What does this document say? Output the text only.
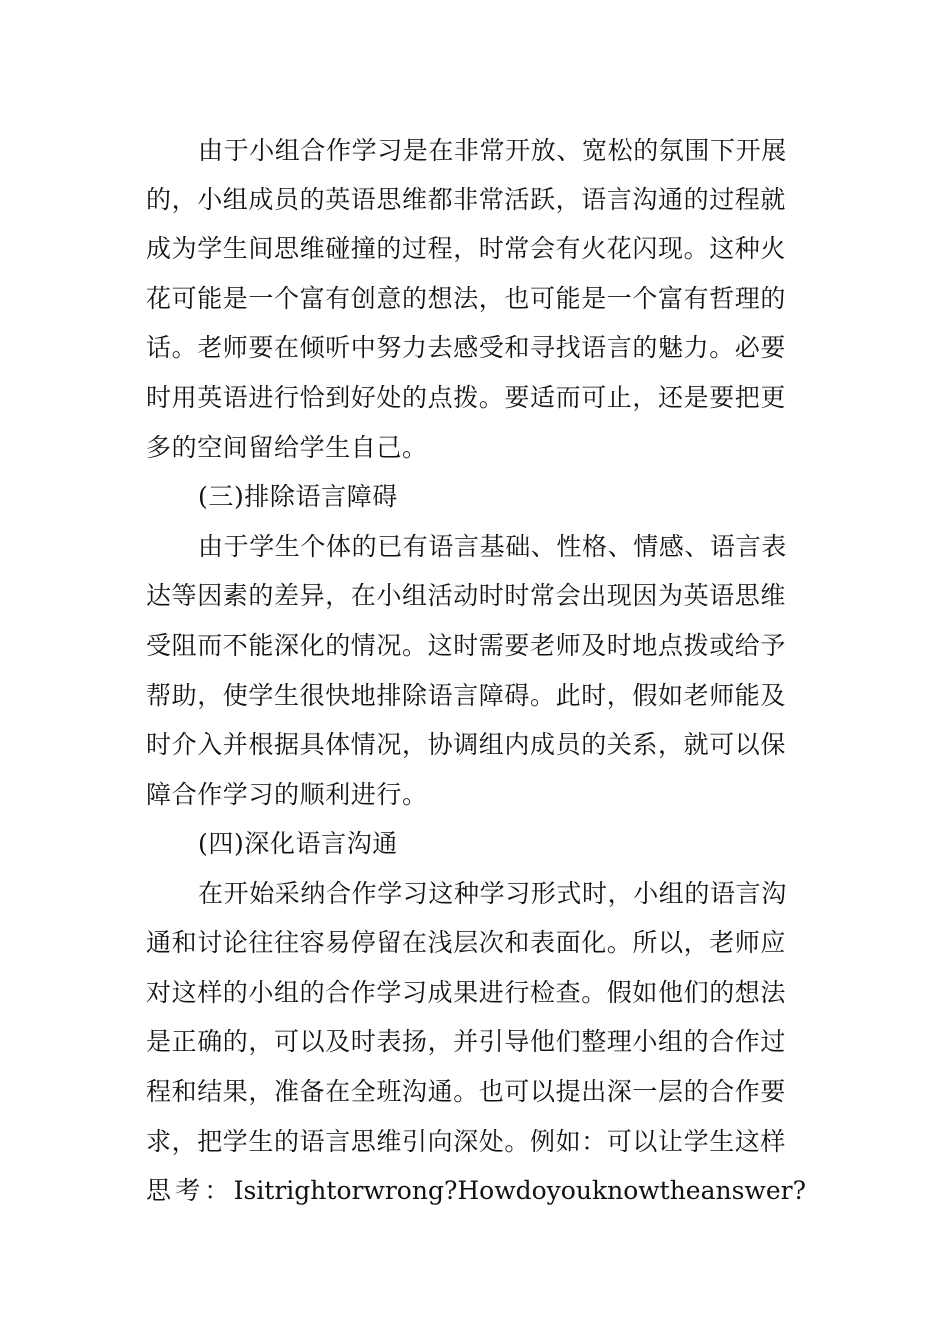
由于小组合作学习是在非常开放、宽松的氛围下开展
的，小组成员的英语思维都非常活跃，语言沟通的过程就
成为学生间思维碰撞的过程，时常会有火花闪现。这种火
花可能是一个富有创意的想法，也可能是一个富有哲理的
话。老师要在倾听中努力去感受和寻找语言的魅力。必要
时用英语进行恰到好处的点拨。要适而可止，还是要把更
多的空间留给学生自己。
(三)排除语言障碍
由于学生个体的已有语言基础、性格、情感、语言表
达等因素的差异，在小组活动时时常会出现因为英语思维
受阻而不能深化的情况。这时需要老师及时地点拨或给予
帮助，使学生很快地排除语言障碍。此时，假如老师能及
时介入并根据具体情况，协调组内成员的关系，就可以保
障合作学习的顺利进行。
(四)深化语言沟通
在开始采纳合作学习这种学习形式时，小组的语言沟
通和讨论往往容易停留在浅层次和表面化。所以，老师应
对这样的小组的合作学习成果进行检查。假如他们的想法
是正确的，可以及时表扬，并引导他们整理小组的合作过
程和结果，准备在全班沟通。也可以提出深一层的合作要
求，把学生的语言思维引向深处。例如：可以让学生这样
思 考 ： Isitrightorwrong?Howdoyouknowtheanswer?
